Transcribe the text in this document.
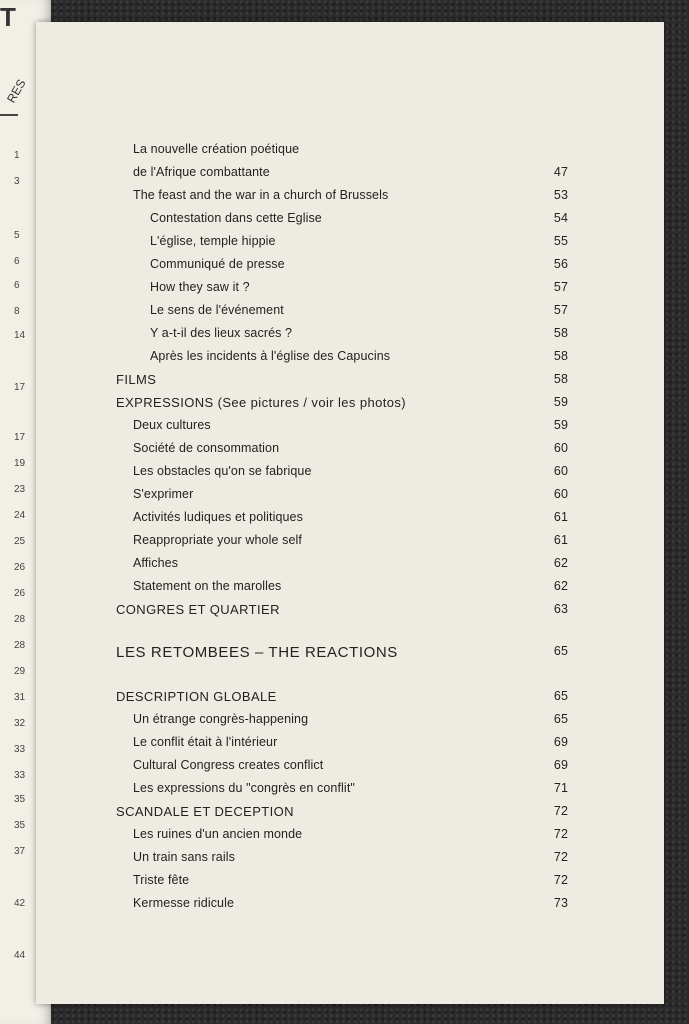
T
RES
1
3
5
6
6
8
14
17
17
19
23
24
25
26
26
28
28
29
31
32
33
33
35
35
37
42
44
La nouvelle création poétique
de l'Afrique combattante	47
The feast and the war in a church of Brussels	53
Contestation dans cette Eglise	54
L'église, temple hippie	55
Communiqué de presse	56
How they saw it ?	57
Le sens de l'événement	57
Y a-t-il des lieux sacrés ?	58
Après les incidents à l'église des Capucins	58
FILMS	58
EXPRESSIONS (See pictures / voir les photos)	59
Deux cultures	59
Société de consommation	60
Les obstacles qu'on se fabrique	60
S'exprimer	60
Activités ludiques et politiques	61
Reappropriate your whole self	61
Affiches	62
Statement on the marolles	62
CONGRES ET QUARTIER	63
LES RETOMBEES – THE REACTIONS	65
DESCRIPTION GLOBALE	65
Un étrange congrès-happening	65
Le conflit était à l'intérieur	69
Cultural Congress creates conflict	69
Les expressions du "congrès en conflit"	71
SCANDALE ET DECEPTION	72
Les ruines d'un ancien monde	72
Un train sans rails	72
Triste fête	72
Kermesse ridicule	73
